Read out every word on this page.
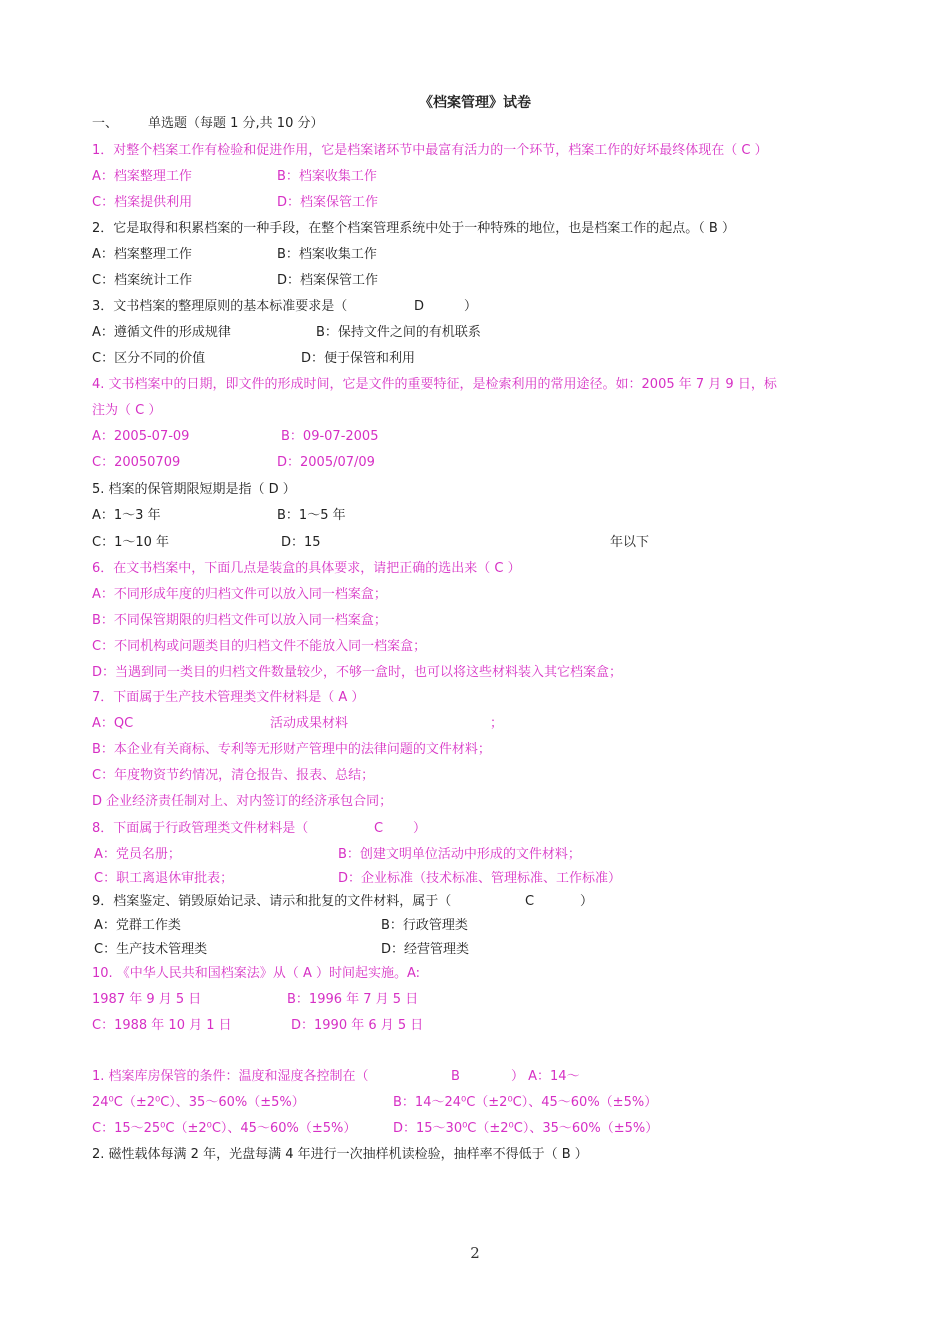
《档案管理》试卷
一、 单选题（每题 1 分,共 10 分）
1．对整个档案工作有检验和促进作用，它是档案诸环节中最富有活力的一个环节，档案工作的好坏最终体现在（ C ）
A：档案整理工作	B：档案收集工作
C：档案提供利用	D：档案保管工作
2．它是取得和积累档案的一种手段，在整个档案管理系统中处于一种特殊的地位，也是档案工作的起点。（ B ）
A：档案整理工作	B：档案收集工作
C：档案统计工作	D：档案保管工作
3．文书档案的整理原则的基本标准要求是（	D	）
A：遵循文件的形成规律	B：保持文件之间的有机联系
C：区分不同的价值	D：便于保管和利用
4. 文书档案中的日期，即文件的形成时间，它是文件的重要特征，是检索利用的常用途径。如：2005 年 7 月 9 日，标
注为（ C ）
A：2005-07-09	B：09-07-2005
C：20050709	D：2005/07/09
5. 档案的保管期限短期是指（ D ）
A：1～3 年	B：1～5 年
C：1～10 年	D：15	年以下
6．在文书档案中，下面几点是装盒的具体要求，请把正确的选出来（ C ）
A：不同形成年度的归档文件可以放入同一档案盒；
B：不同保管期限的归档文件可以放入同一档案盒；
C：不同机构或问题类目的归档文件不能放入同一档案盒；
D：当遇到同一类目的归档文件数量较少，不够一盒时，也可以将这些材料装入其它档案盒；
7．下面属于生产技术管理类文件材料是（ A ）
A：QC	活动成果材料	；
B：本企业有关商标、专利等无形财产管理中的法律问题的文件材料；
C：年度物资节约情况，清仓报告、报表、总结；
D 企业经济责任制对上、对内签订的经济承包合同；
8．下面属于行政管理类文件材料是（	C ）
A：党员名册；	B：创建文明单位活动中形成的文件材料；
C：职工离退休审批表；	D：企业标准（技术标准、管理标准、工作标准）
9．档案鉴定、销毁原始记录、请示和批复的文件材料，属于（	C	）
A：党群工作类	B：行政管理类
C：生产技术管理类	D：经营管理类
10. 《中华人民共和国档案法》从（ A ）时间起实施。A:
1987 年 9 月 5 日	B：1996 年 7 月 5 日
C：1988 年 10 月 1 日	D：1990 年 6 月 5 日
1. 档案库房保管的条件：温度和湿度各控制在（	B	） A：14～
24⁰C（±2⁰C）、35～60%（±5%）	B：14～24⁰C（±2⁰C）、45～60%（±5%）
C：15～25⁰C（±2⁰C）、45～60%（±5%）	D：15～30⁰C（±2⁰C）、35～60%（±5%）
2. 磁性载体每满 2 年，光盘每满 4 年进行一次抽样机读检验，抽样率不得低于（ B ）
2
